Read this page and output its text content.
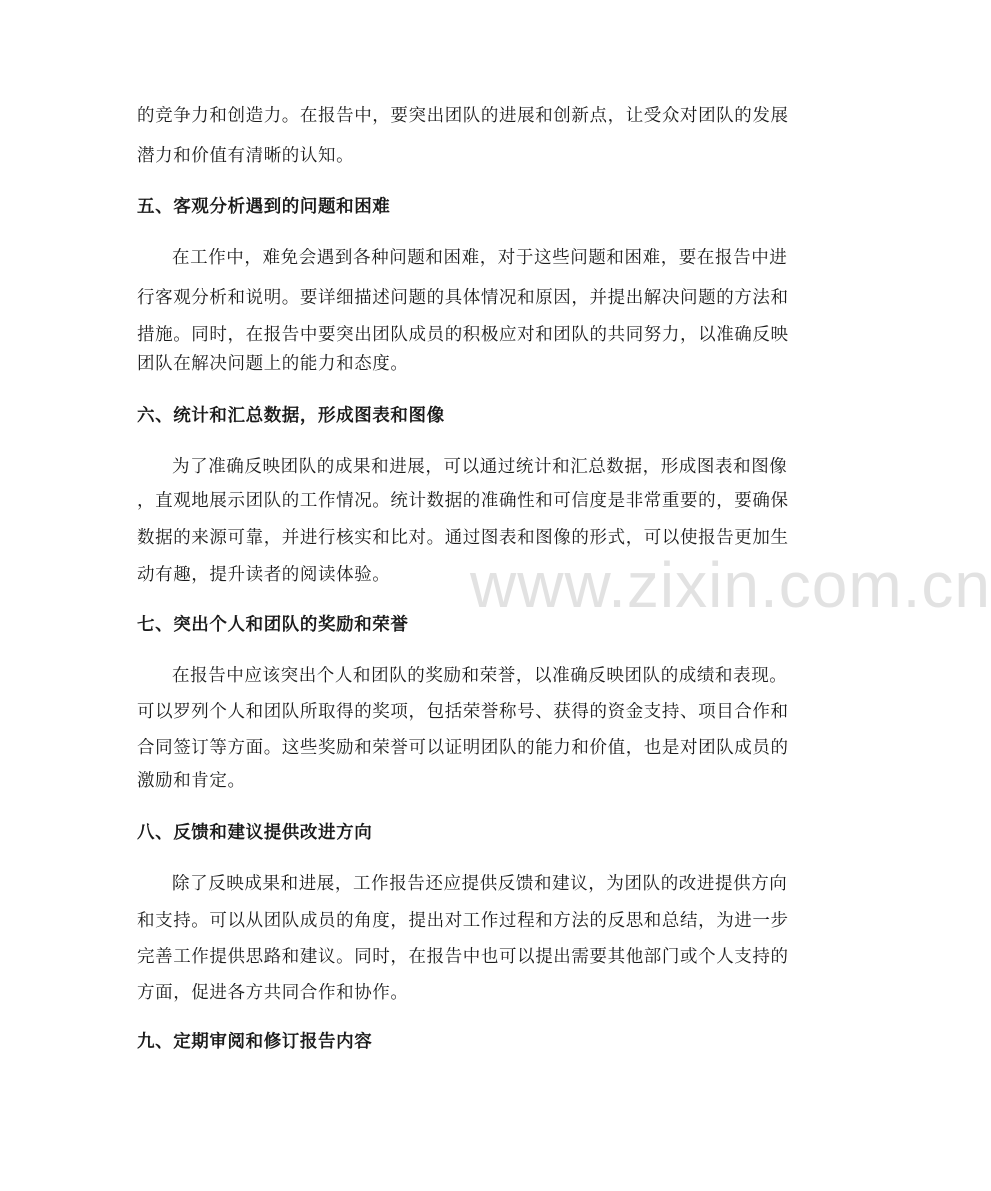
www.zixin.com.cn
的竞争力和创造力。在报告中，要突出团队的进展和创新点，让受众对团队的发展
潜力和价值有清晰的认知。
五、客观分析遇到的问题和困难
在工作中，难免会遇到各种问题和困难，对于这些问题和困难，要在报告中进
行客观分析和说明。要详细描述问题的具体情况和原因，并提出解决问题的方法和
措施。同时，在报告中要突出团队成员的积极应对和团队的共同努力，以准确反映
团队在解决问题上的能力和态度。
六、统计和汇总数据，形成图表和图像
为了准确反映团队的成果和进展，可以通过统计和汇总数据，形成图表和图像
，直观地展示团队的工作情况。统计数据的准确性和可信度是非常重要的，要确保
数据的来源可靠，并进行核实和比对。通过图表和图像的形式，可以使报告更加生
动有趣，提升读者的阅读体验。
七、突出个人和团队的奖励和荣誉
在报告中应该突出个人和团队的奖励和荣誉，以准确反映团队的成绩和表现。
可以罗列个人和团队所取得的奖项，包括荣誉称号、获得的资金支持、项目合作和
合同签订等方面。这些奖励和荣誉可以证明团队的能力和价值，也是对团队成员的
激励和肯定。
八、反馈和建议提供改进方向
除了反映成果和进展，工作报告还应提供反馈和建议，为团队的改进提供方向
和支持。可以从团队成员的角度，提出对工作过程和方法的反思和总结，为进一步
完善工作提供思路和建议。同时，在报告中也可以提出需要其他部门或个人支持的
方面，促进各方共同合作和协作。
九、定期审阅和修订报告内容
